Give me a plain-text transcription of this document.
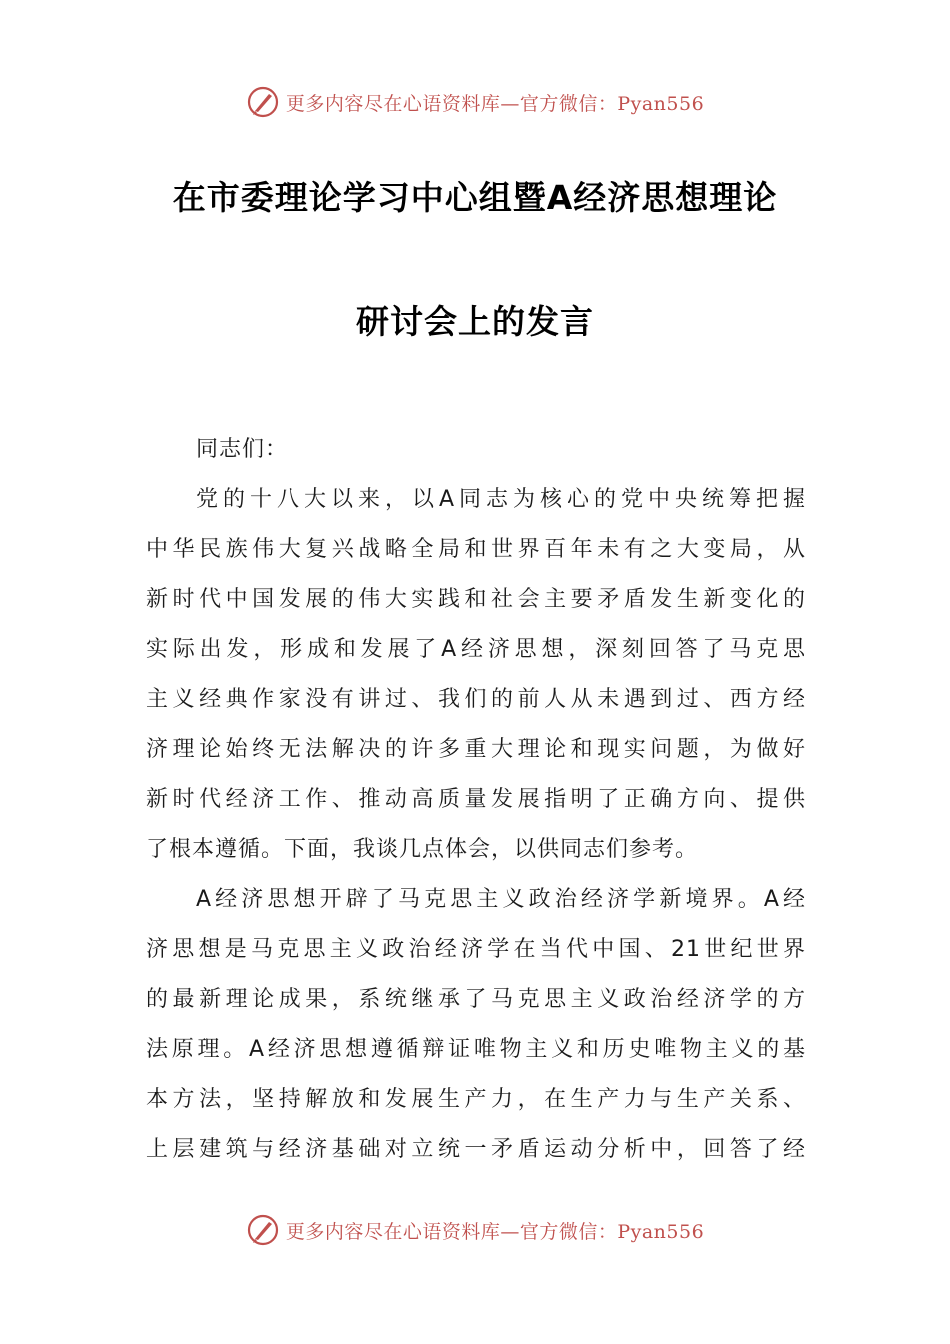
更多内容尽在心语资料库—官方微信：Pyan556
在市委理论学习中心组暨A经济思想理论
研讨会上的发言
同志们：
党的十八大以来，以A同志为核心的党中央统筹把握
中华民族伟大复兴战略全局和世界百年未有之大变局，从
新时代中国发展的伟大实践和社会主要矛盾发生新变化的
实际出发，形成和发展了A经济思想，深刻回答了马克思
主义经典作家没有讲过、我们的前人从未遇到过、西方经
济理论始终无法解决的许多重大理论和现实问题，为做好
新时代经济工作、推动高质量发展指明了正确方向、提供
了根本遵循。下面，我谈几点体会，以供同志们参考。
A经济思想开辟了马克思主义政治经济学新境界。A经
济思想是马克思主义政治经济学在当代中国、21世纪世界
的最新理论成果，系统继承了马克思主义政治经济学的方
法原理。A经济思想遵循辩证唯物主义和历史唯物主义的基
本方法，坚持解放和发展生产力，在生产力与生产关系、
上层建筑与经济基础对立统一矛盾运动分析中，回答了经
更多内容尽在心语资料库—官方微信：Pyan556
